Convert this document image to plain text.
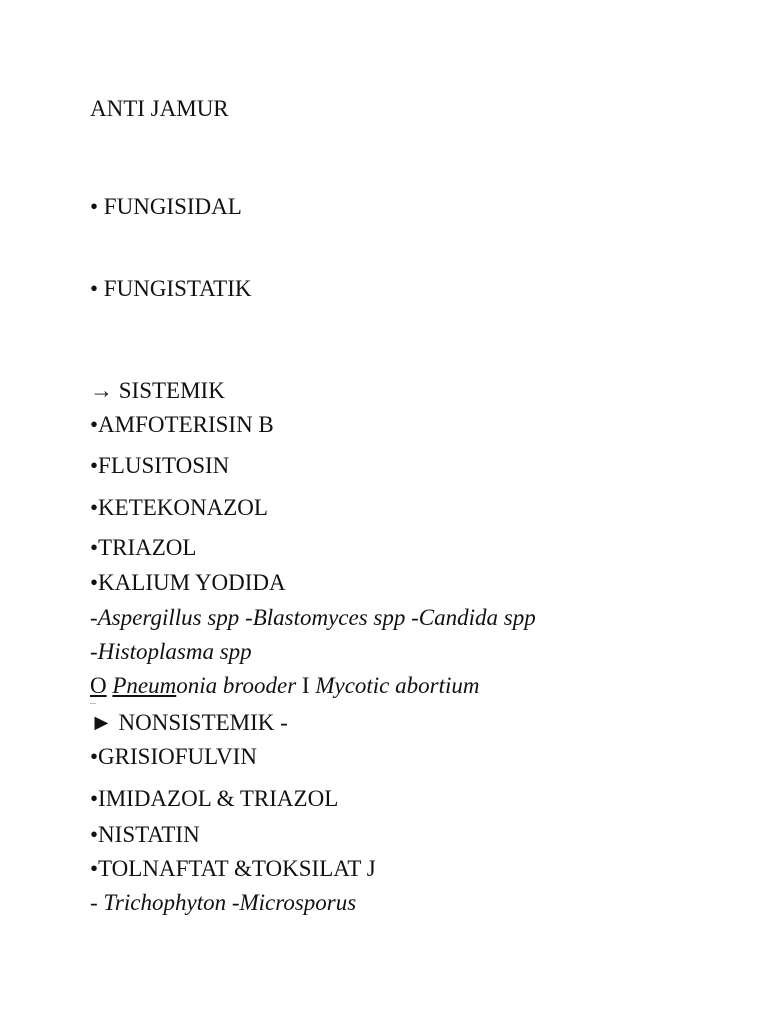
ANTI JAMUR
• FUNGISIDAL
• FUNGISTATIK
→ SISTEMIK
•AMFOTERISIN B
•FLUSITOSIN
•KETEKONAZOL
•TRIAZOL
•KALIUM YODIDA
-Aspergillus spp -Blastomyces spp -Candida spp
-Histoplasma spp
O Pneumonia brooder I Mycotic abortium
► NONSISTEMIK -
•GRISIOFULVIN
•IMIDAZOL & TRIAZOL
•NISTATIN
•TOLNAFTAT &TOKSILAT J
- Trichophyton -Microsporus
